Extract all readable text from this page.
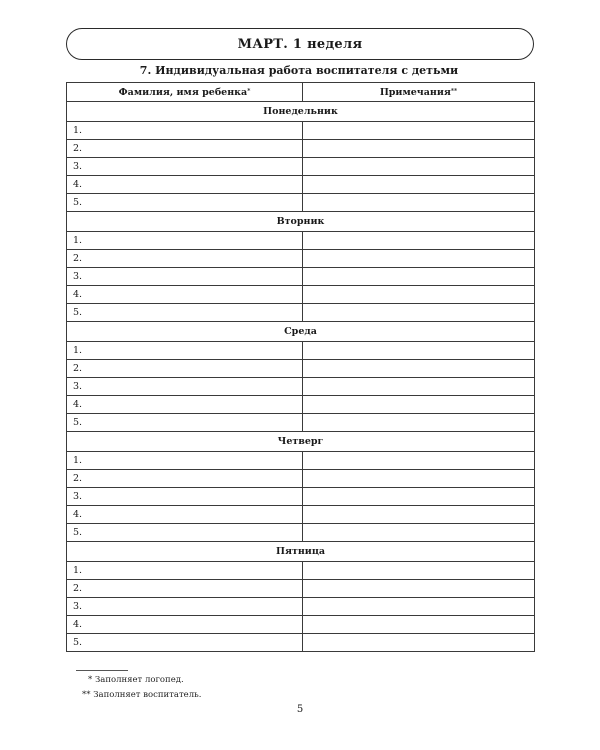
МАРТ. 1 неделя
7. Индивидуальная работа воспитателя с детьми
Фамилия, имя ребенка*	Примечания**
Понедельник	
1.	
2.	
3.	
4.	
5.	
Вторник	
1.	
2.	
3.	
4.	
5.	
Среда	
1.	
2.	
3.	
4.	
5.	
Четверг	
1.	
2.	
3.	
4.	
5.	
Пятница	
1.	
2.	
3.	
4.	
5.	
* Заполняет логопед.
** Заполняет воспитатель.
5
